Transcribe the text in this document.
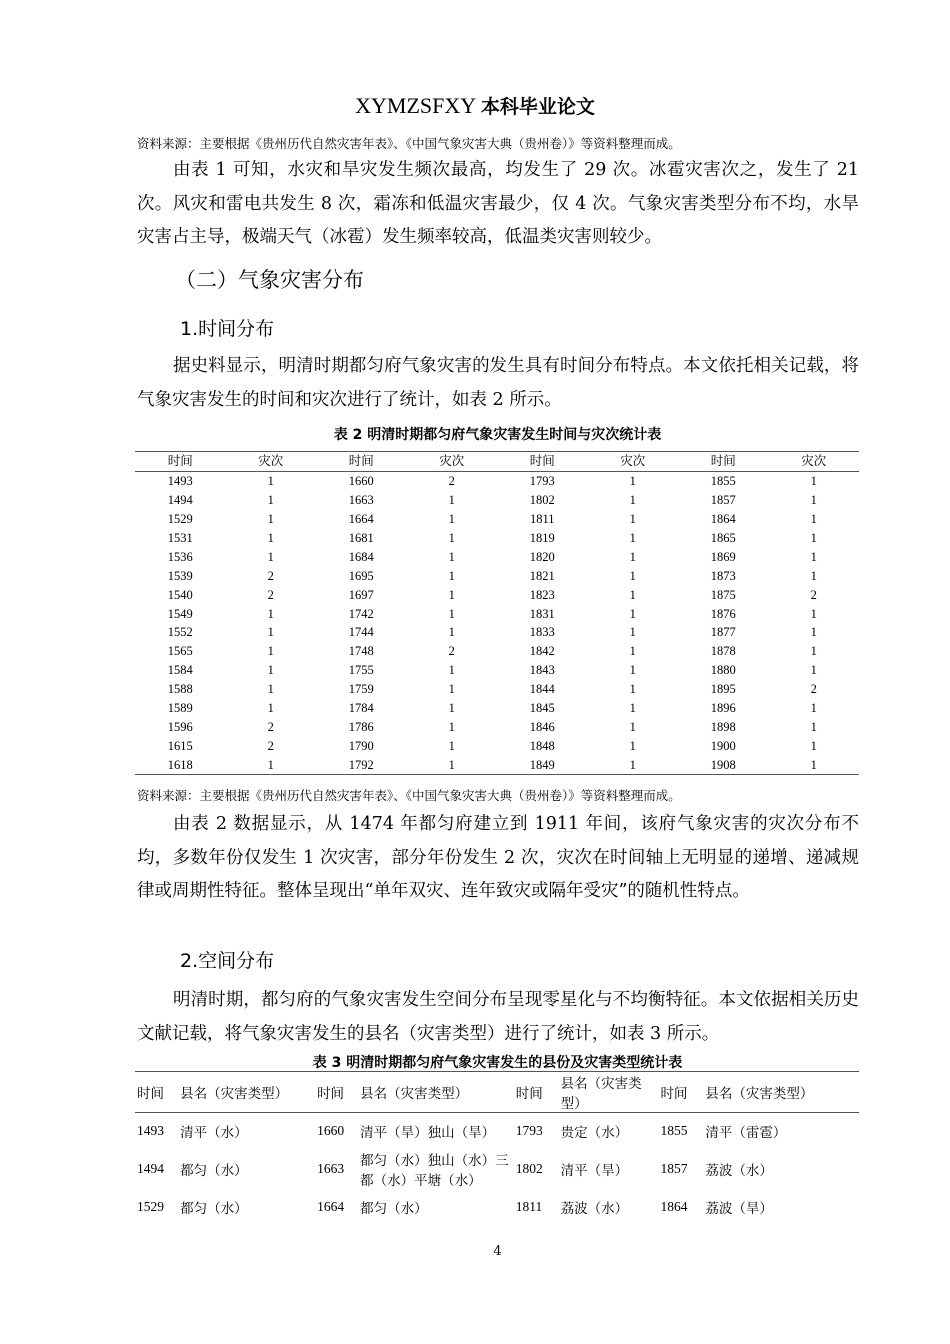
XYMZSFXY 本科毕业论文
资料来源：主要根据《贵州历代自然灾害年表》、《中国气象灾害大典（贵州卷）》等资料整理而成。
由表 1 可知，水灾和旱灾发生频次最高，均发生了 29 次。冰雹灾害次之，发生了 21 次。风灾和雷电共发生 8 次，霜冻和低温灾害最少，仅 4 次。气象灾害类型分布不均，水旱灾害占主导，极端天气（冰雹）发生频率较高，低温类灾害则较少。
（二）气象灾害分布
1.时间分布
据史料显示，明清时期都匀府气象灾害的发生具有时间分布特点。本文依托相关记载，将气象灾害发生的时间和灾次进行了统计，如表 2 所示。
表 2 明清时期都匀府气象灾害发生时间与灾次统计表
时间	灾次	时间	灾次	时间	灾次	时间	灾次
1493	1	1660	2	1793	1	1855	1
1494	1	1663	1	1802	1	1857	1
1529	1	1664	1	1811	1	1864	1
1531	1	1681	1	1819	1	1865	1
1536	1	1684	1	1820	1	1869	1
1539	2	1695	1	1821	1	1873	1
1540	2	1697	1	1823	1	1875	2
1549	1	1742	1	1831	1	1876	1
1552	1	1744	1	1833	1	1877	1
1565	1	1748	2	1842	1	1878	1
1584	1	1755	1	1843	1	1880	1
1588	1	1759	1	1844	1	1895	2
1589	1	1784	1	1845	1	1896	1
1596	2	1786	1	1846	1	1898	1
1615	2	1790	1	1848	1	1900	1
1618	1	1792	1	1849	1	1908	1
资料来源：主要根据《贵州历代自然灾害年表》、《中国气象灾害大典（贵州卷）》等资料整理而成。
由表 2 数据显示，从 1474 年都匀府建立到 1911 年间，该府气象灾害的灾次分布不均，多数年份仅发生 1 次灾害，部分年份发生 2 次，灾次在时间轴上无明显的递增、递减规律或周期性特征。整体呈现出“单年双灾、连年致灾或隔年受灾”的随机性特点。
2.空间分布
明清时期，都匀府的气象灾害发生空间分布呈现零星化与不均衡特征。本文依据相关历史文献记载，将气象灾害发生的县名（灾害类型）进行了统计，如表 3 所示。
表 3 明清时期都匀府气象灾害发生的县份及灾害类型统计表
时间	县名（灾害类型）	时间	县名（灾害类型）	时间	县名（灾害类型）	时间	县名（灾害类型）
1493	清平（水）	1660	清平（旱）独山（旱）	1793	贵定（水）	1855	清平（雷雹）
1494	都匀（水）	1663	都匀（水）独山（水）三都（水）平塘（水）	1802	清平（旱）	1857	荔波（水）
1529	都匀（水）	1664	都匀（水）	1811	荔波（水）	1864	荔波（旱）
4
